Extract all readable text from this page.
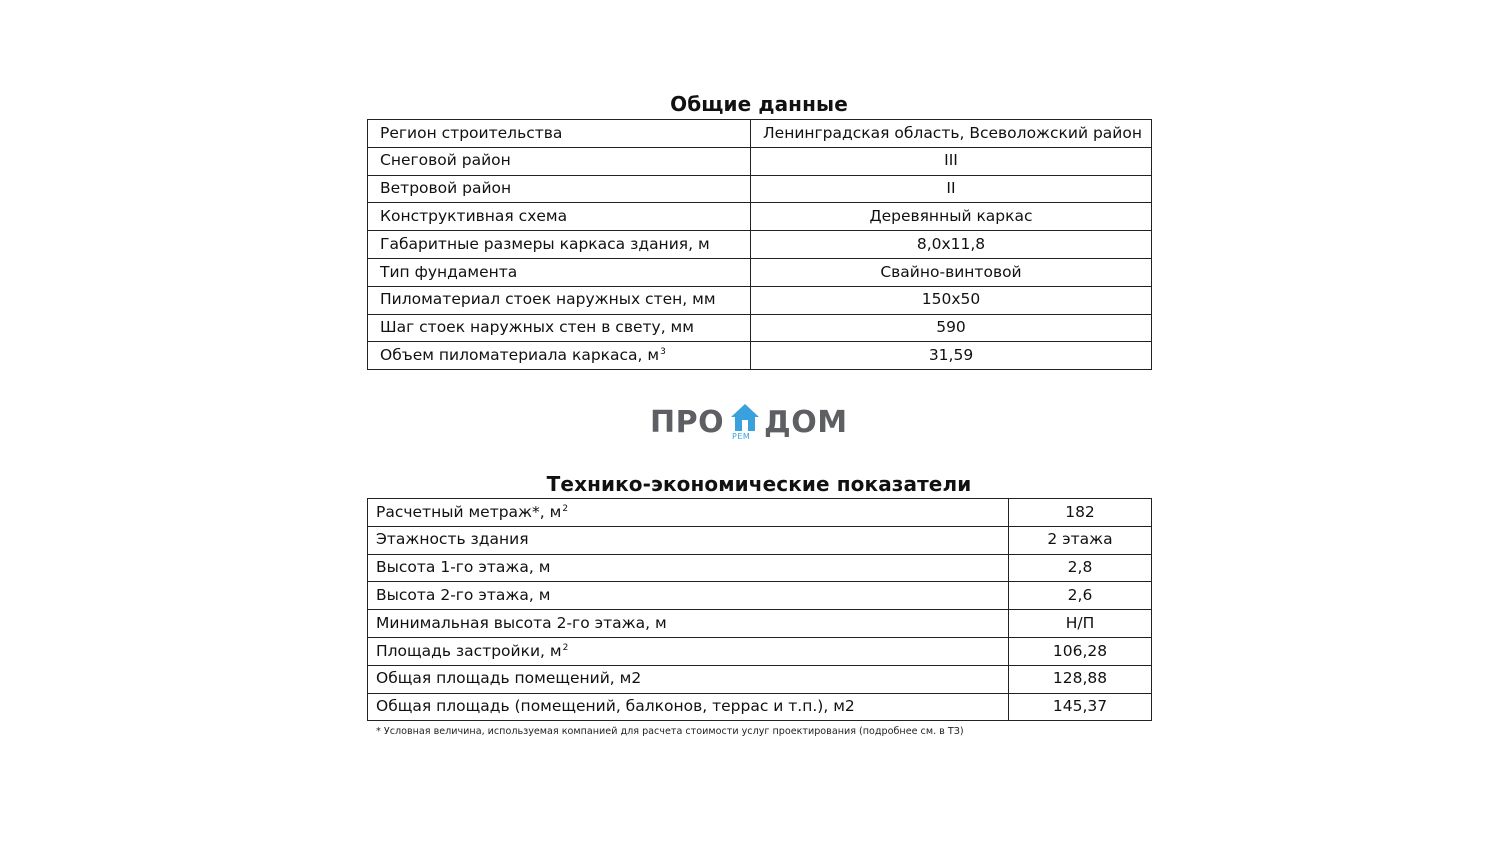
Общие данные
Регион строительства	Ленинградская область, Всеволожский район
Снеговой район	III
Ветровой район	II
Конструктивная схема	Деревянный каркас
Габаритные размеры каркаса здания, м	8,0x11,8
Тип фундамента	Свайно-винтовой
Пиломатериал стоек наружных стен, мм	150x50
Шаг стоек наружных стен в свету, мм	590
Объем пиломатериала каркаса, $м^3$	31,59
ПРО РЕМ ДОМ
Технико-экономические показатели
Расчетный метраж*, $м^2$	182
Этажность здания	2 этажа
Высота 1-го этажа, м	2,8
Высота 2-го этажа, м	2,6
Минимальная высота 2-го этажа, м	Н/П
Площадь застройки, $м^2$	106,28
Общая площадь помещений, м2	128,88
Общая площадь (помещений, балконов, террас и т.п.), м2	145,37
* Условная величина, используемая компанией для расчета стоимости услуг проектирования (подробнее см. в ТЗ)
